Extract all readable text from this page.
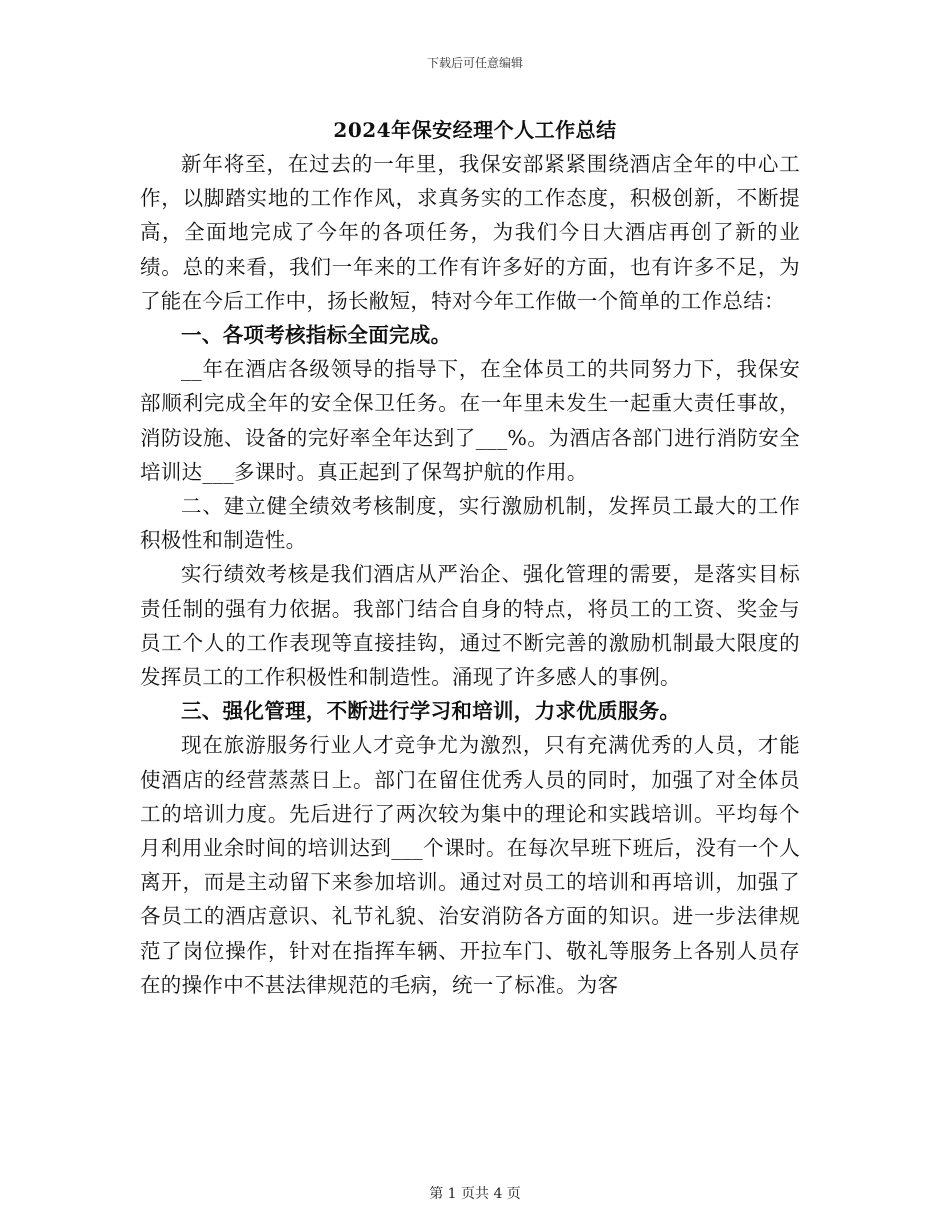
下载后可任意编辑
2024年保安经理个人工作总结

新年将至，在过去的一年里，我保安部紧紧围绕酒店全年的中心工作，以脚踏实地的工作作风，求真务实的工作态度，积极创新，不断提高，全面地完成了今年的各项任务，为我们今日大酒店再创了新的业绩。总的来看，我们一年来的工作有许多好的方面，也有许多不足，为了能在今后工作中，扬长敝短，特对今年工作做一个简单的工作总结：

一、各项考核指标全面完成。

__年在酒店各级领导的指导下，在全体员工的共同努力下，我保安部顺利完成全年的安全保卫任务。在一年里未发生一起重大责任事故，消防设施、设备的完好率全年达到了___%。为酒店各部门进行消防安全培训达___多课时。真正起到了保驾护航的作用。

二、建立健全绩效考核制度，实行激励机制，发挥员工最大的工作积极性和制造性。

实行绩效考核是我们酒店从严治企、强化管理的需要，是落实目标责任制的强有力依据。我部门结合自身的特点，将员工的工资、奖金与员工个人的工作表现等直接挂钩，通过不断完善的激励机制最大限度的发挥员工的工作积极性和制造性。涌现了许多感人的事例。

三、强化管理，不断进行学习和培训，力求优质服务。

现在旅游服务行业人才竞争尤为激烈，只有充满优秀的人员，才能使酒店的经营蒸蒸日上。部门在留住优秀人员的同时，加强了对全体员工的培训力度。先后进行了两次较为集中的理论和实践培训。平均每个月利用业余时间的培训达到___个课时。在每次早班下班后，没有一个人离开，而是主动留下来参加培训。通过对员工的培训和再培训，加强了各员工的酒店意识、礼节礼貌、治安消防各方面的知识。进一步法律规范了岗位操作，针对在指挥车辆、开拉车门、敬礼等服务上各别人员存在的操作中不甚法律规范的毛病，统一了标准。为客

第 1 页共 4 页
